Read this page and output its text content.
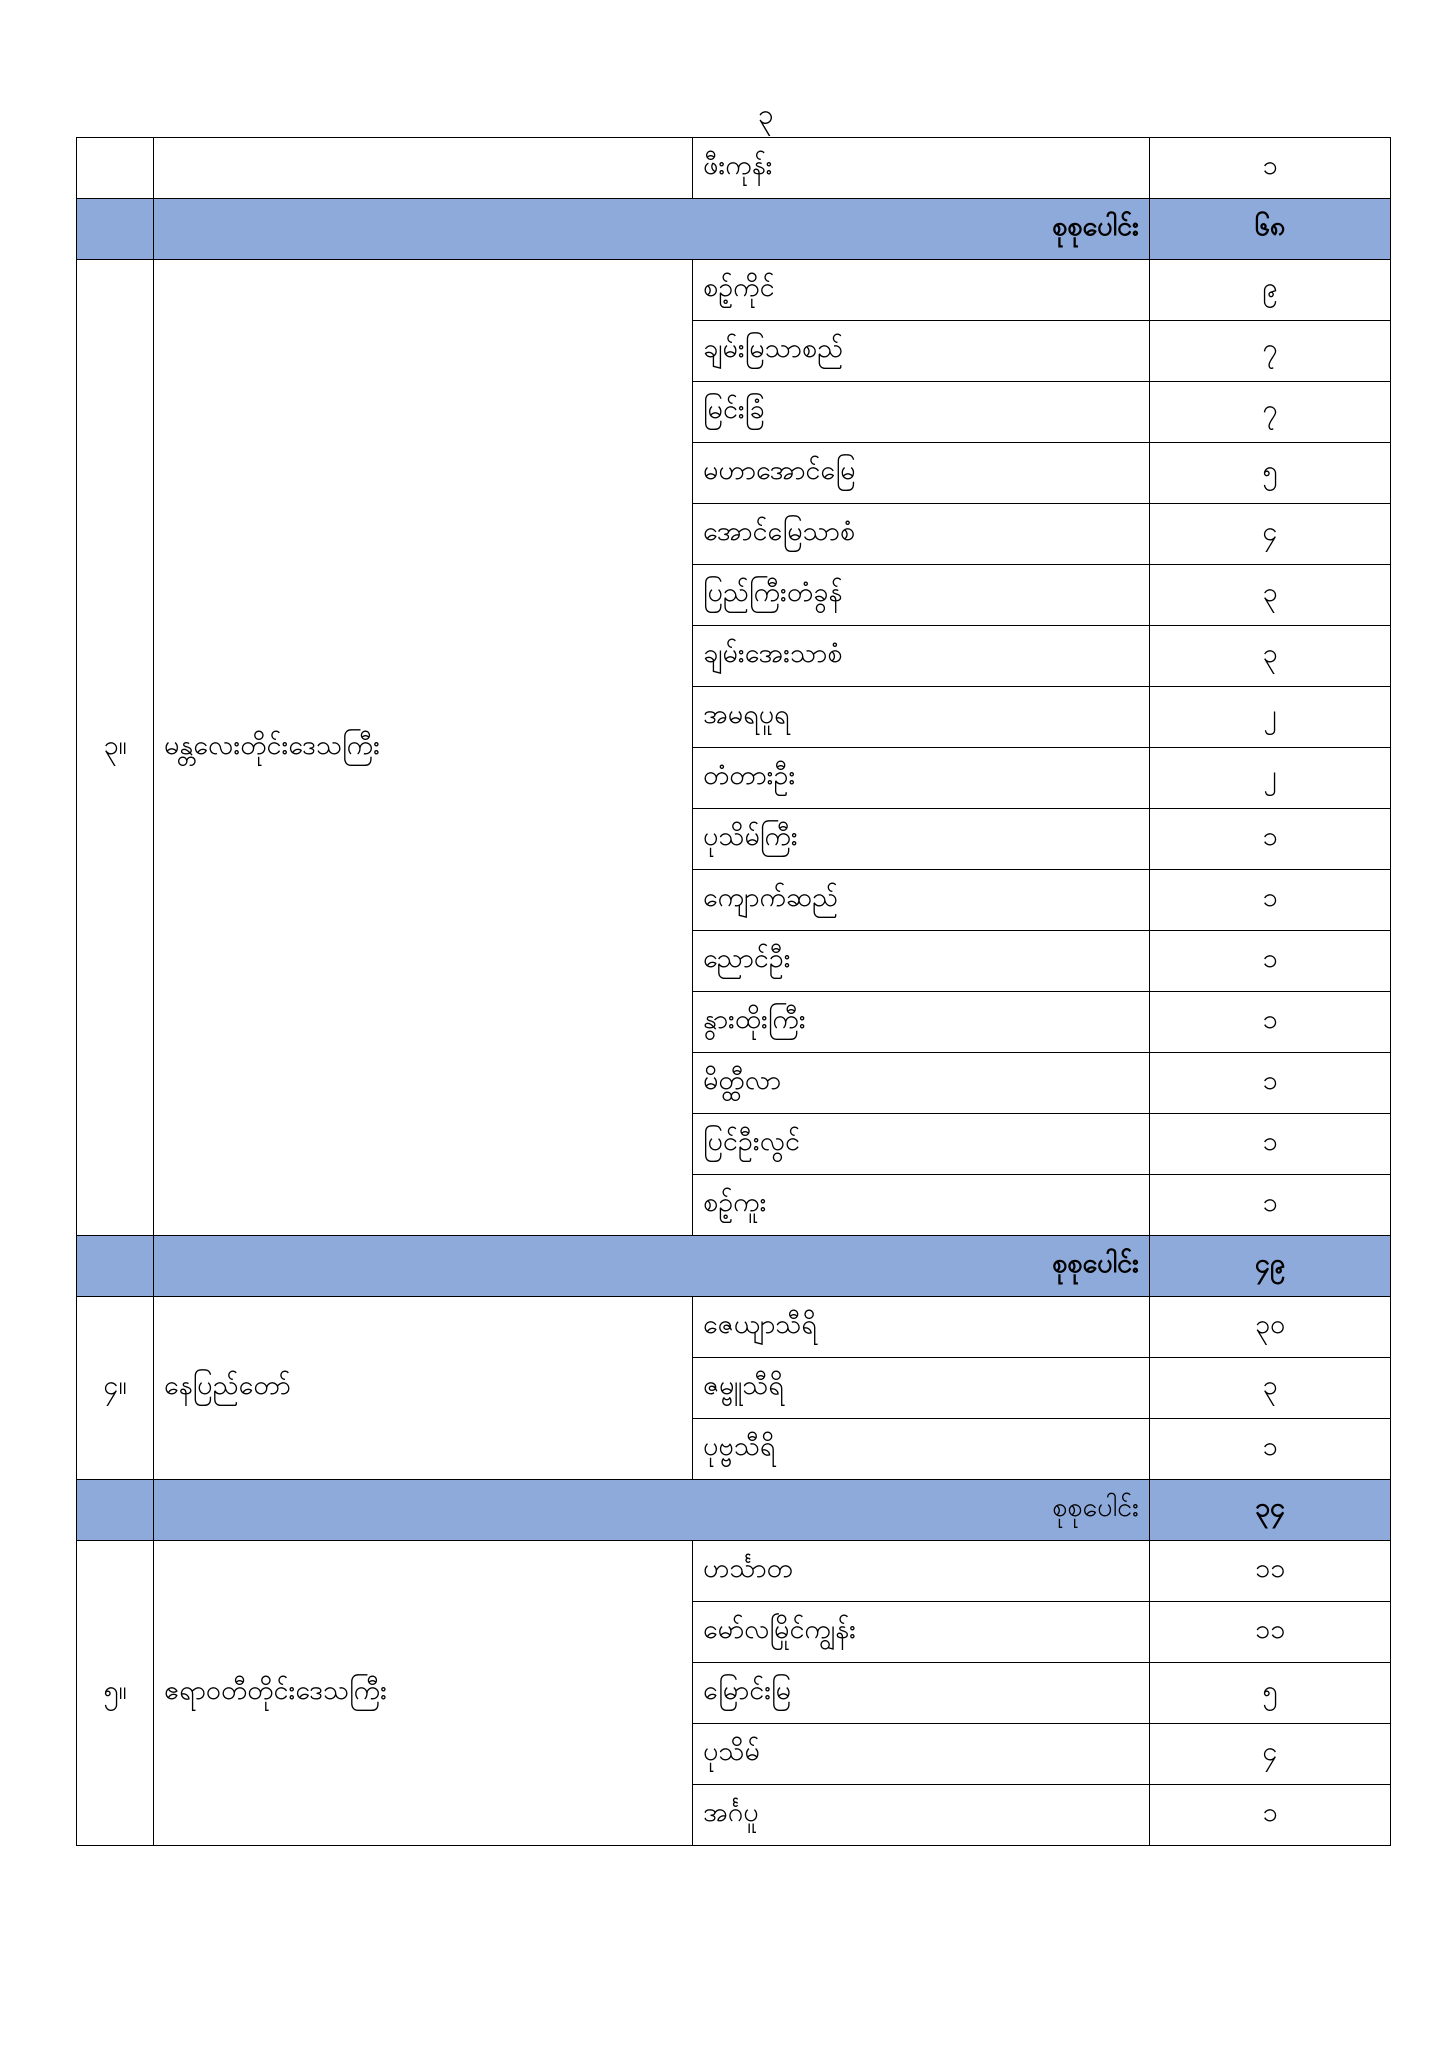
၃
		ဖီးကုန်း	၁
	စုစုပေါင်း		၆၈
၃။	မန္တလေးတိုင်းဒေသကြီး	စဉ့်ကိုင်	၉
		ချမ်းမြသာစည်	၇
		မြင်းခြံ	၇
		မဟာအောင်မြေ	၅
		အောင်မြေသာစံ	၄
		ပြည်ကြီးတံခွန်	၃
		ချမ်းအေးသာစံ	၃
		အမရပူရ	၂
		တံတားဦး	၂
		ပုသိမ်ကြီး	၁
		ကျောက်ဆည်	၁
		ညောင်ဦး	၁
		နွားထိုးကြီး	၁
		မိတ္ထီလာ	၁
		ပြင်ဦးလွင်	၁
		စဉ့်ကူး	၁
	စုစုပေါင်း		၄၉
၄။	နေပြည်တော်	ဇေယျာသီရိ	၃၀
		ဇမ္ဗူသီရိ	၃
		ပုဗ္ဗသီရိ	၁
	စုစုပေါင်း		၃၄
၅။	ဧရာဝတီတိုင်းဒေသကြီး	ဟင်္သာတ	၁၁
		မော်လမြိုင်ကျွန်း	၁၁
		မြောင်းမြ	၅
		ပုသိမ်	၄
		အင်္ဂပူ	၁
